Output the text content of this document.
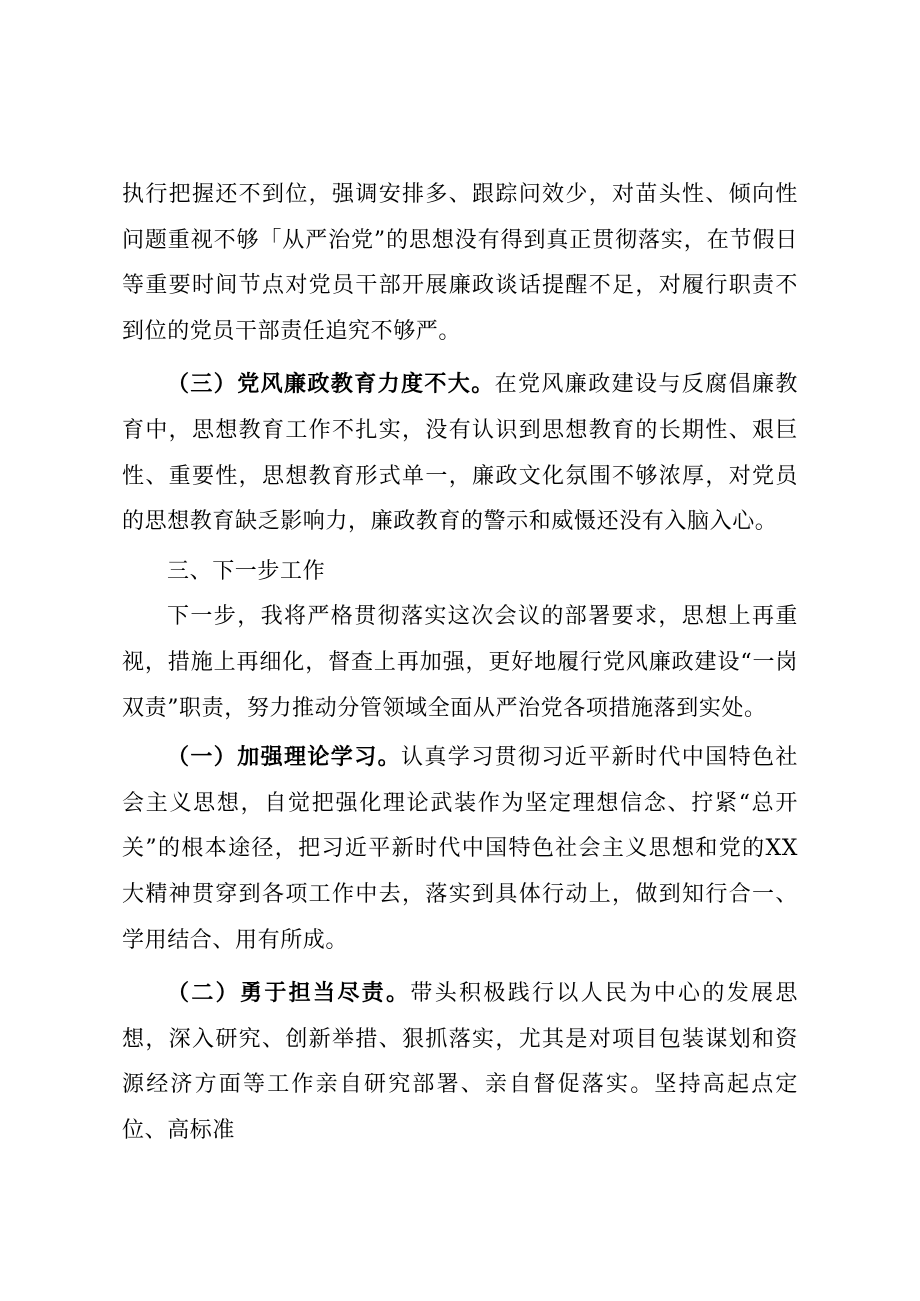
执行把握还不到位，强调安排多、跟踪问效少，对苗头性、倾向性问题重视不够「从严治党”的思想没有得到真正贯彻落实，在节假日等重要时间节点对党员干部开展廉政谈话提醒不足，对履行职责不到位的党员干部责任追究不够严。

（三）党风廉政教育力度不大。在党风廉政建设与反腐倡廉教育中，思想教育工作不扎实，没有认识到思想教育的长期性、艰巨性、重要性，思想教育形式单一，廉政文化氛围不够浓厚，对党员的思想教育缺乏影响力，廉政教育的警示和威慑还没有入脑入心。

三、下一步工作

下一步，我将严格贯彻落实这次会议的部署要求，思想上再重视，措施上再细化，督查上再加强，更好地履行党风廉政建设“一岗双责”职责，努力推动分管领域全面从严治党各项措施落到实处。

（一）加强理论学习。认真学习贯彻习近平新时代中国特色社会主义思想，自觉把强化理论武装作为坚定理想信念、拧紧“总开关”的根本途径，把习近平新时代中国特色社会主义思想和党的XX大精神贯穿到各项工作中去，落实到具体行动上，做到知行合一、学用结合、用有所成。

（二）勇于担当尽责。带头积极践行以人民为中心的发展思想，深入研究、创新举措、狠抓落实，尤其是对项目包装谋划和资源经济方面等工作亲自研究部署、亲自督促落实。坚持高起点定位、高标准
